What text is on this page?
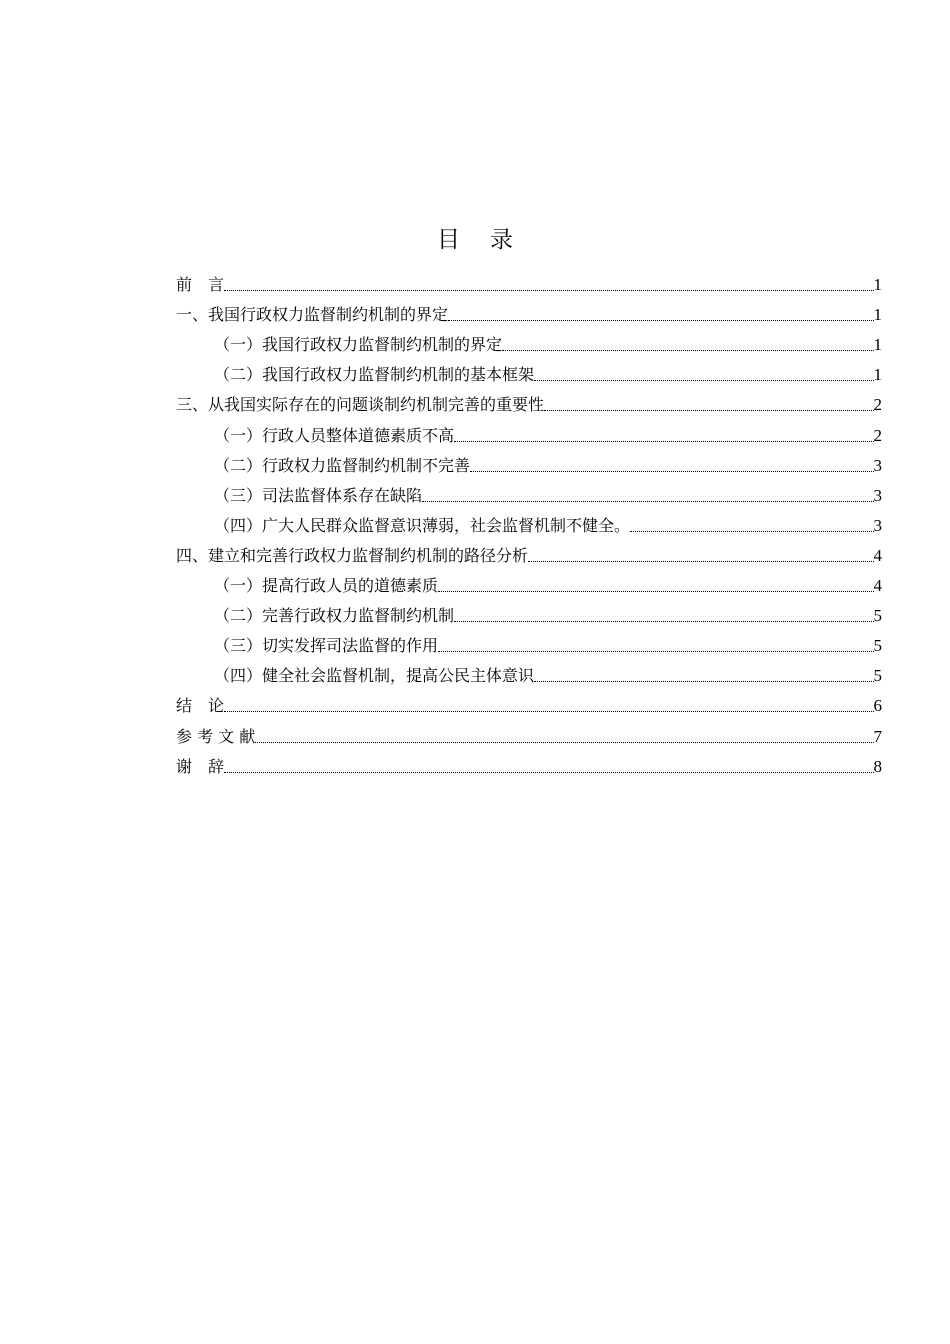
目 录
前　言	1
一、我国行政权力监督制约机制的界定	1
（一）我国行政权力监督制约机制的界定	1
（二）我国行政权力监督制约机制的基本框架	1
三、从我国实际存在的问题谈制约机制完善的重要性	2
（一）行政人员整体道德素质不高	2
（二）行政权力监督制约机制不完善	3
（三）司法监督体系存在缺陷	3
（四）广大人民群众监督意识薄弱，社会监督机制不健全。	3
四、建立和完善行政权力监督制约机制的路径分析	4
（一）提高行政人员的道德素质	4
（二）完善行政权力监督制约机制	5
（三）切实发挥司法监督的作用	5
（四）健全社会监督机制，提高公民主体意识	5
结　论	6
参 考 文 献	7
谢　辞	8
